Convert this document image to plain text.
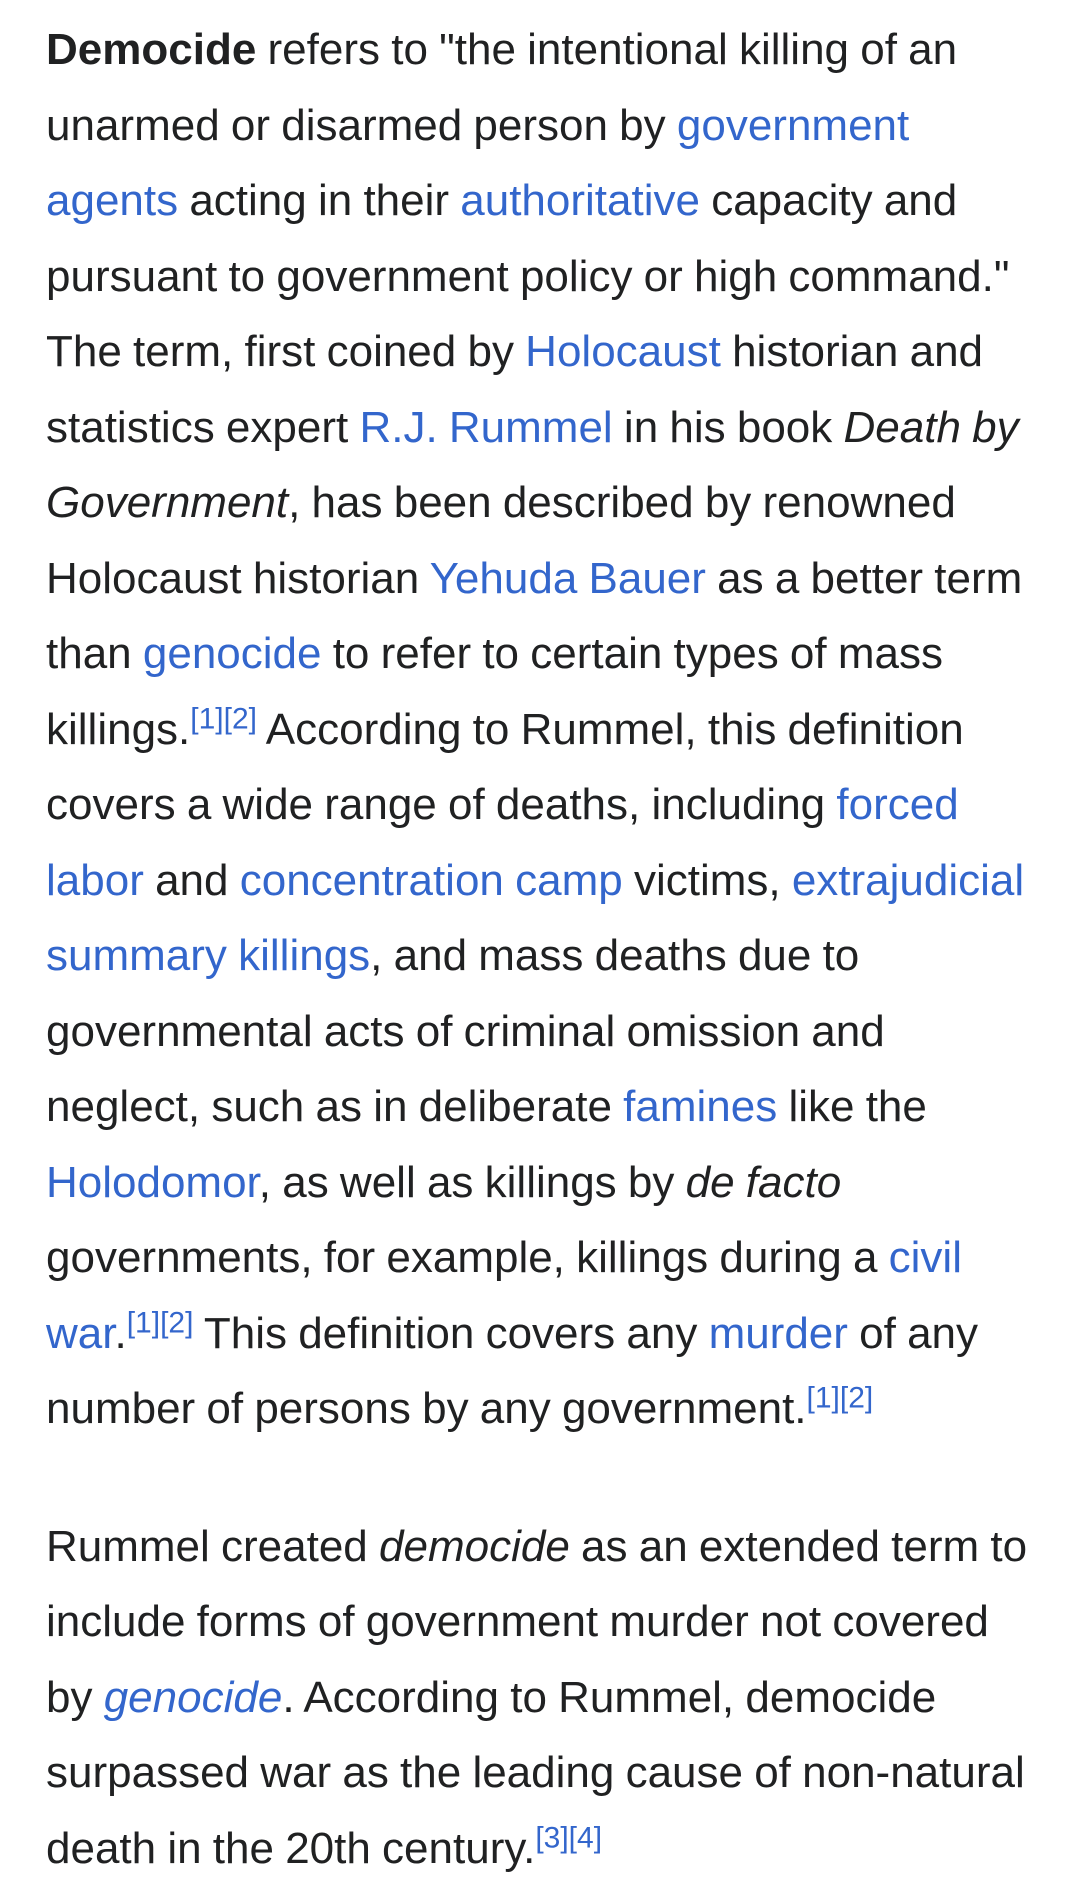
Democide refers to "the intentional killing of an unarmed or disarmed person by government agents acting in their authoritative capacity and pursuant to government policy or high command." The term, first coined by Holocaust historian and statistics expert R.J. Rummel in his book Death by Government, has been described by renowned Holocaust historian Yehuda Bauer as a better term than genocide to refer to certain types of mass killings.[1][2] According to Rummel, this definition covers a wide range of deaths, including forced labor and concentration camp victims, extrajudicial summary killings, and mass deaths due to governmental acts of criminal omission and neglect, such as in deliberate famines like the Holodomor, as well as killings by de facto governments, for example, killings during a civil war.[1][2] This definition covers any murder of any number of persons by any government.[1][2]

Rummel created democide as an extended term to include forms of government murder not covered by genocide. According to Rummel, democide surpassed war as the leading cause of non-natural death in the 20th century.[3][4]
